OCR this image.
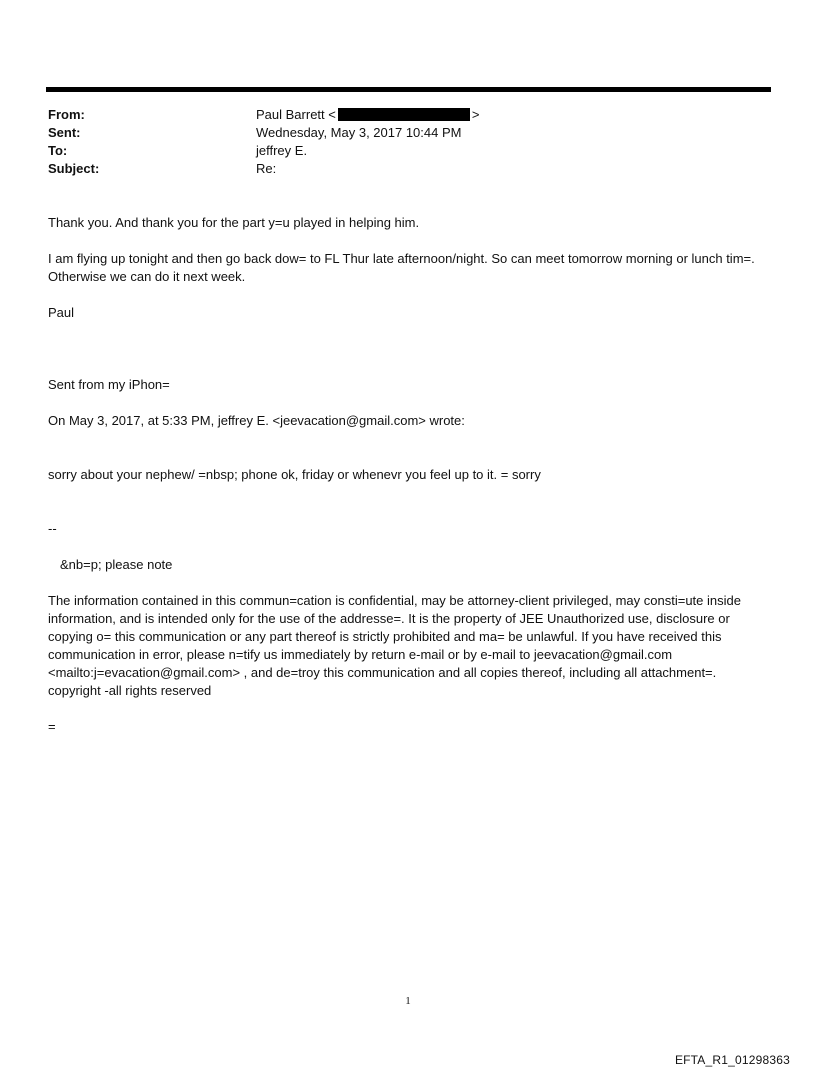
From:	Paul Barrett <	>
Sent:	Wednesday, May 3, 2017 10:44 PM
To:	jeffrey E.
Subject:	Re:

Thank you. And thank you for the part y=u played in helping him.

I am flying up tonight and then go back dow= to FL Thur late afternoon/night. So can meet tomorrow morning or lunch tim=. Otherwise we can do it next week.

Paul

Sent from my iPhon=

On May 3, 2017, at 5:33 PM, jeffrey E. <jeevacation@gmail.com> wrote:

sorry about your nephew/ =nbsp; phone ok, friday or whenevr you feel up to it. = sorry

--

&nb=p; please note

The information contained in this commun=cation is confidential, may be attorney-client privileged, may consti=ute inside information, and is intended only for the use of the addresse=. It is the property of JEE Unauthorized use, disclosure or copying o= this communication or any part thereof is strictly prohibited and ma= be unlawful. If you have received this communication in error, please n=tify us immediately by return e-mail or by e-mail to jeevacation@gmail.com <mailto:j=evacation@gmail.com> , and de=troy this communication and all copies thereof, including all attachment=. copyright -all rights reserved

=

1
EFTA_R1_01298363
